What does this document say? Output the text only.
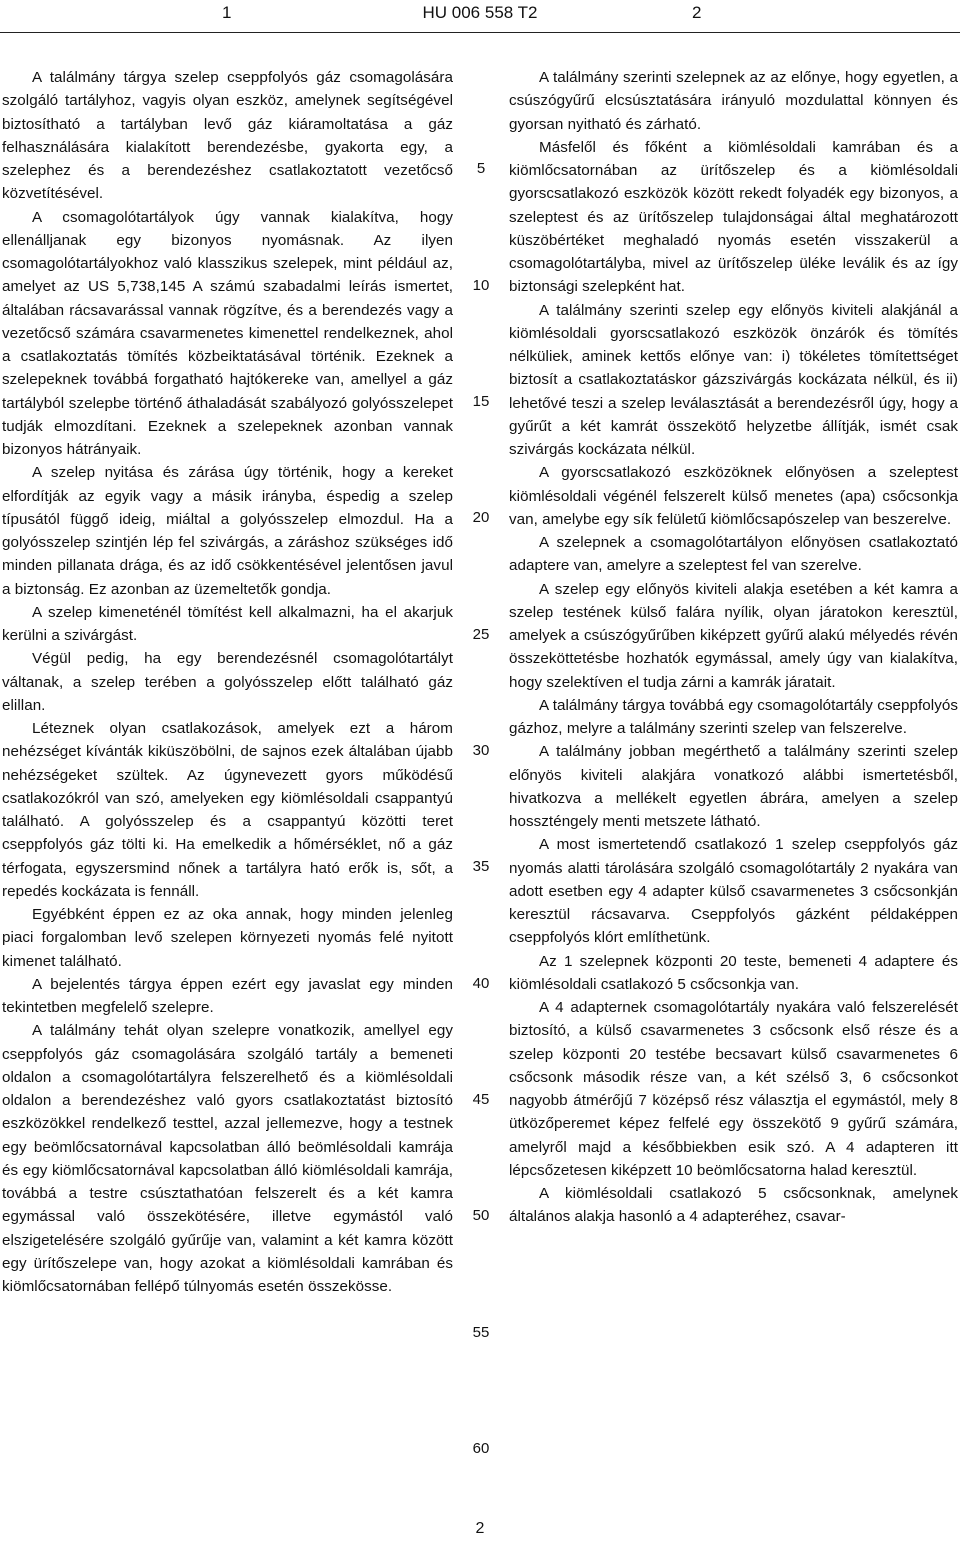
1	HU 006 558 T2	2

A találmány tárgya szelep cseppfolyós gáz csomagolására szolgáló tartályhoz, vagyis olyan eszköz, amelynek segítségével biztosítható a tartályban levő gáz kiáramoltatása a gáz felhasználására kialakított berendezésbe, gyakorta egy, a szelephez és a berendezéshez csatlakoztatott vezetőcső közvetítésével.

A csomagolótartályok úgy vannak kialakítva, hogy ellenálljanak egy bizonyos nyomásnak. Az ilyen csomagolótartályokhoz való klasszikus szelepek, mint például az, amelyet az US 5,738,145 A számú szabadalmi leírás ismertet, általában rácsavarással vannak rögzítve, és a berendezés vagy a vezetőcső számára csavarmenetes kimenettel rendelkeznek, ahol a csatlakoztatás tömítés közbeiktatásával történik. Ezeknek a szelepeknek továbbá forgatható hajtókereke van, amellyel a gáz tartályból szelepbe történő áthaladását szabályozó golyósszelepet tudják elmozdítani. Ezeknek a szelepeknek azonban vannak bizonyos hátrányaik.

A szelep nyitása és zárása úgy történik, hogy a kereket elfordítják az egyik vagy a másik irányba, éspedig a szelep típusától függő ideig, miáltal a golyósszelep elmozdul. Ha a golyósszelep szintjén lép fel szivárgás, a záráshoz szükséges idő minden pillanata drága, és az idő csökkentésével jelentősen javul a biztonság. Ez azonban az üzemeltetők gondja.

A szelep kimeneténél tömítést kell alkalmazni, ha el akarjuk kerülni a szivárgást.

Végül pedig, ha egy berendezésnél csomagolótartályt váltanak, a szelep terében a golyósszelep előtt található gáz elillan.

Léteznek olyan csatlakozások, amelyek ezt a három nehézséget kívánták kiküszöbölni, de sajnos ezek általában újabb nehézségeket szültek. Az úgynevezett gyors működésű csatlakozókról van szó, amelyeken egy kiömlésoldali csappantyú található. A golyósszelep és a csappantyú közötti teret cseppfolyós gáz tölti ki. Ha emelkedik a hőmérséklet, nő a gáz térfogata, egyszersmind nőnek a tartályra ható erők is, sőt, a repedés kockázata is fennáll.

Egyébként éppen ez az oka annak, hogy minden jelenleg piaci forgalomban levő szelepen környezeti nyomás felé nyitott kimenet található.

A bejelentés tárgya éppen ezért egy javaslat egy minden tekintetben megfelelő szelepre.

A találmány tehát olyan szelepre vonatkozik, amellyel egy cseppfolyós gáz csomagolására szolgáló tartály a bemeneti oldalon a csomagolótartályra felszerelhető és a kiömlésoldali oldalon a berendezéshez való gyors csatlakoztatást biztosító eszközökkel rendelkező testtel, azzal jellemezve, hogy a testnek egy beömlőcsatornával kapcsolatban álló beömlésoldali kamrája és egy kiömlőcsatornával kapcsolatban álló kiömlésoldali kamrája, továbbá a testre csúsztathatóan felszerelt és a két kamra egymással való összekötésére, illetve egymástól való elszigetelésére szolgáló gyűrűje van, valamint a két kamra között egy ürítőszelepe van, hogy azokat a kiömlésoldali kamrában és kiömlőcsatornában fellépő túlnyomás esetén összekösse.

A találmány szerinti szelepnek az az előnye, hogy egyetlen, a csúszógyűrű elcsúsztatására irányuló mozdulattal könnyen és gyorsan nyitható és zárható.

Másfelől és főként a kiömlésoldali kamrában és a kiömlőcsatornában az ürítőszelep és a kiömlésoldali gyorscsatlakozó eszközök között rekedt folyadék egy bizonyos, a szeleptest és az ürítőszelep tulajdonságai által meghatározott küszöbértéket meghaladó nyomás esetén visszakerül a csomagolótartályba, mivel az ürítőszelep üléke leválik és az így biztonsági szelepként hat.

A találmány szerinti szelep egy előnyös kiviteli alakjánál a kiömlésoldali gyorscsatlakozó eszközök önzárók és tömítés nélküliek, aminek kettős előnye van: i) tökéletes tömítettséget biztosít a csatlakoztatáskor gázszivárgás kockázata nélkül, és ii) lehetővé teszi a szelep leválasztását a berendezésről úgy, hogy a gyűrűt a két kamrát összekötő helyzetbe állítják, ismét csak szivárgás kockázata nélkül.

A gyorscsatlakozó eszközöknek előnyösen a szeleptest kiömlésoldali végénél felszerelt külső menetes (apa) csőcsonkja van, amelybe egy sík felületű kiömlőcsapószelep van beszerelve.

A szelepnek a csomagolótartályon előnyösen csatlakoztató adaptere van, amelyre a szeleptest fel van szerelve.

A szelep egy előnyös kiviteli alakja esetében a két kamra a szelep testének külső falára nyílik, olyan járatokon keresztül, amelyek a csúszógyűrűben kiképzett gyűrű alakú mélyedés révén összeköttetésbe hozhatók egymással, amely úgy van kialakítva, hogy szelektíven el tudja zárni a kamrák járatait.

A találmány tárgya továbbá egy csomagolótartály cseppfolyós gázhoz, melyre a találmány szerinti szelep van felszerelve.

A találmány jobban megérthető a találmány szerinti szelep előnyös kiviteli alakjára vonatkozó alábbi ismertetésből, hivatkozva a mellékelt egyetlen ábrára, amelyen a szelep hosszténgely menti metszete látható.

A most ismertetendő csatlakozó 1 szelep cseppfolyós gáz nyomás alatti tárolására szolgáló csomagolótartály 2 nyakára van adott esetben egy 4 adapter külső csavarmenetes 3 csőcsonkján keresztül rácsavarva. Cseppfolyós gázként példaképpen cseppfolyós klórt említhetünk.

Az 1 szelepnek központi 20 teste, bemeneti 4 adaptere és kiömlésoldali csatlakozó 5 csőcsonkja van.

A 4 adapternek csomagolótartály nyakára való felszerelését biztosító, a külső csavarmenetes 3 csőcsonk első része és a szelep központi 20 testébe becsavart külső csavarmenetes 6 csőcsonk második része van, a két szélső 3, 6 csőcsonkot nagyobb átmérőjű 7 középső rész választja el egymástól, mely 8 ütközőperemet képez felfelé egy összekötő 9 gyűrű számára, amelyről majd a későbbiekben esik szó. A 4 adapteren itt lépcsőzetesen kiképzett 10 beömlőcsatorna halad keresztül.

A kiömlésoldali csatlakozó 5 csőcsonknak, amelynek általános alakja hasonló a 4 adapteréhez, csavar-

5
10
15
20
25
30
35
40
45
50
55
60
2
